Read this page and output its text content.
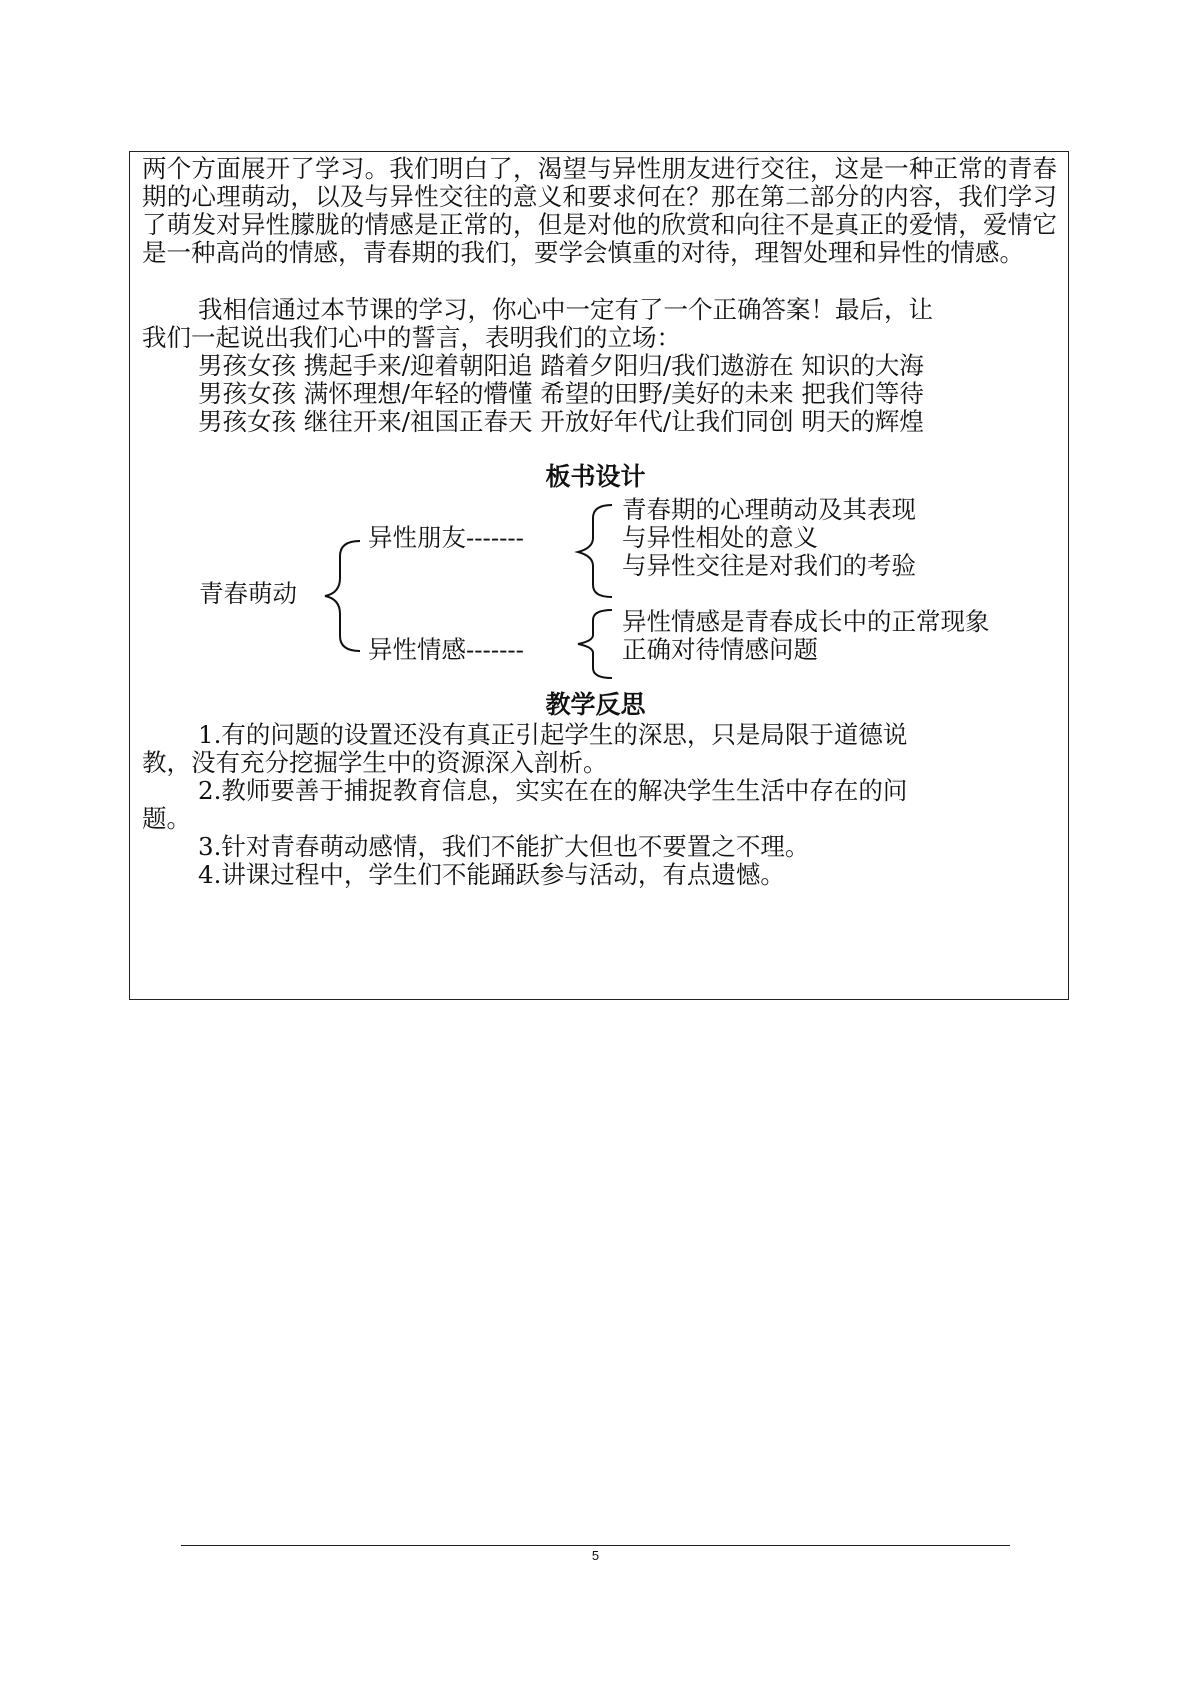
两个方面展开了学习。我们明白了，渴望与异性朋友进行交往，这是一种正常的青春期的心理萌动，以及与异性交往的意义和要求何在？那在第二部分的内容，我们学习了萌发对异性朦胧的情感是正常的，但是对他的欣赏和向往不是真正的爱情，爱情它是一种高尚的情感，青春期的我们，要学会慎重的对待，理智处理和异性的情感。

我相信通过本节课的学习，你心中一定有了一个正确答案！最后，让
我们一起说出我们心中的誓言，表明我们的立场：
男孩女孩 携起手来/迎着朝阳追 踏着夕阳归/我们遨游在 知识的大海
男孩女孩 满怀理想/年轻的懵懂 希望的田野/美好的未来 把我们等待
男孩女孩 继往开来/祖国正春天 开放好年代/让我们同创 明天的辉煌
板书设计
青春萌动
异性朋友-------
青春期的心理萌动及其表现
与异性相处的意义
与异性交往是对我们的考验
异性情感-------
异性情感是青春成长中的正常现象
正确对待情感问题
教学反思
1.有的问题的设置还没有真正引起学生的深思，只是局限于道德说
教，没有充分挖掘学生中的资源深入剖析。
2.教师要善于捕捉教育信息，实实在在的解决学生生活中存在的问
题。
3.针对青春萌动感情，我们不能扩大但也不要置之不理。
4.讲课过程中，学生们不能踊跃参与活动，有点遗憾。
5
